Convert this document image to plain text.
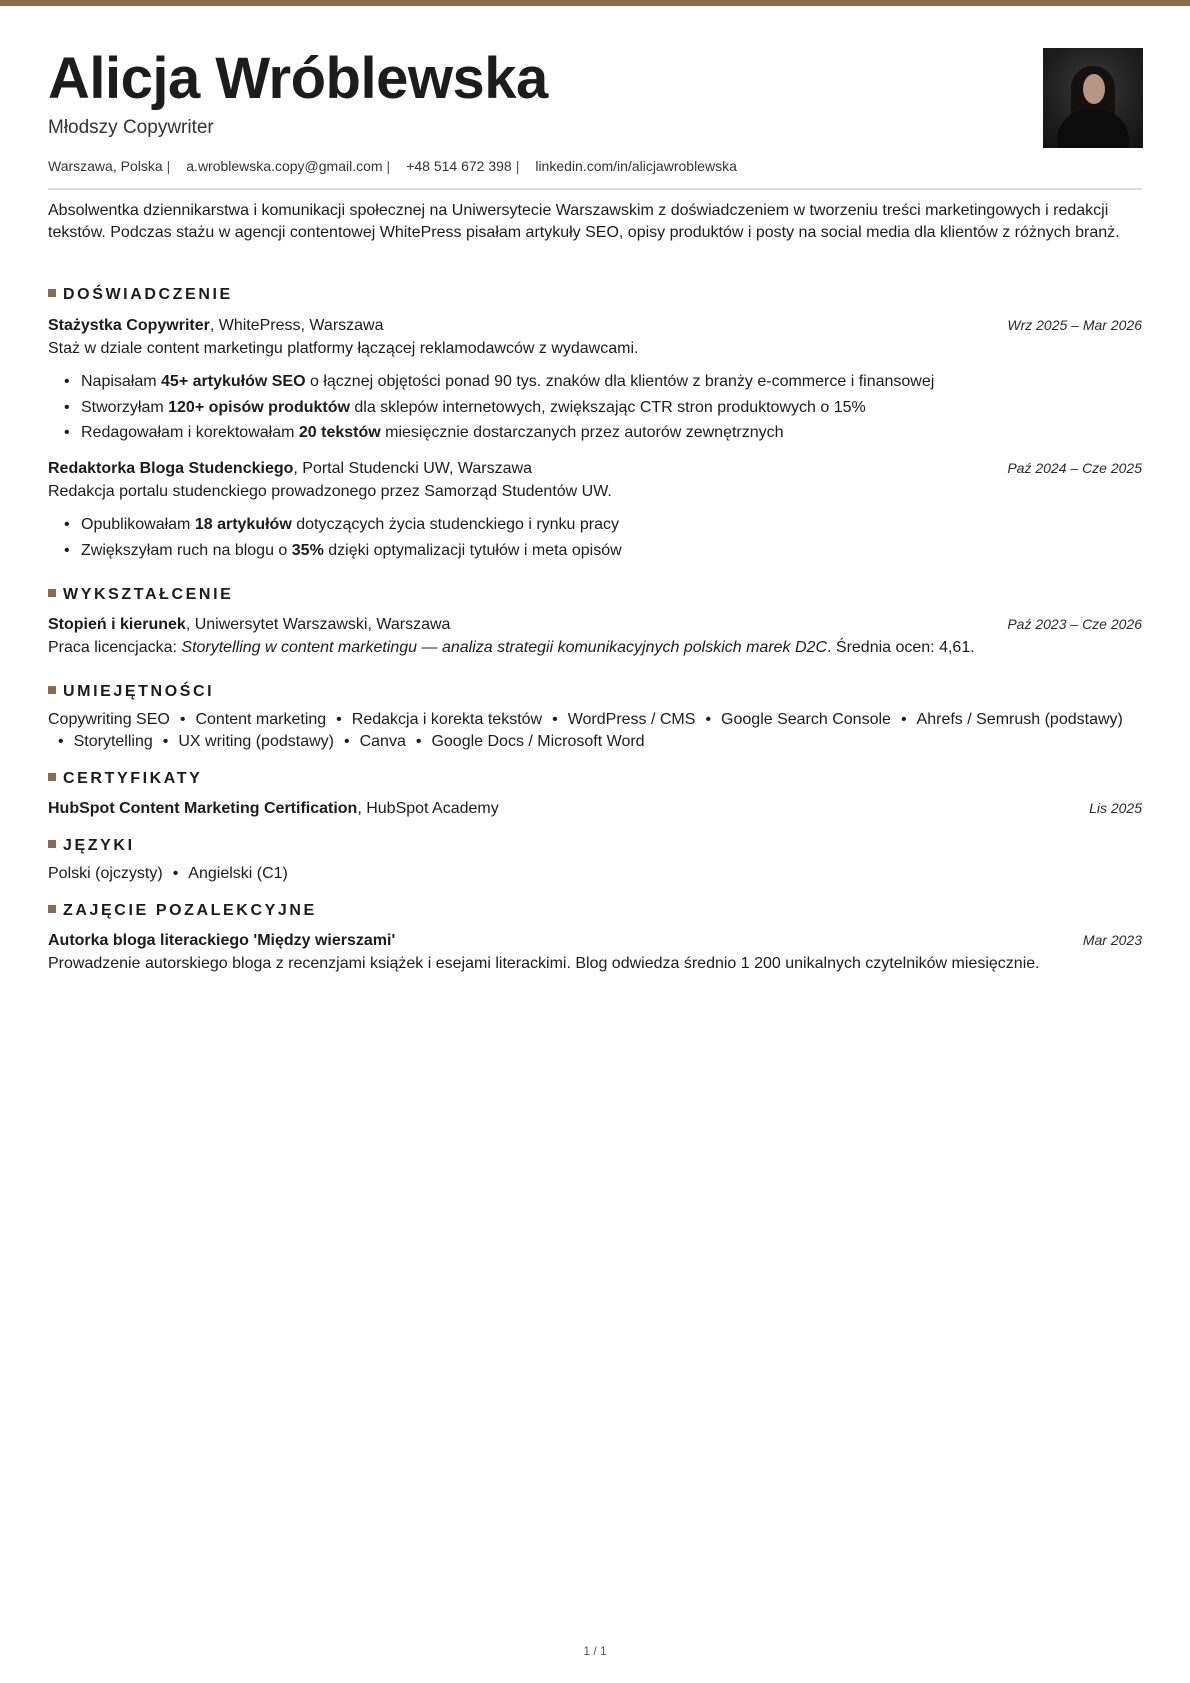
Alicja Wróblewska
Młodszy Copywriter
Warszawa, Polska | a.wroblewska.copy@gmail.com | +48 514 672 398 | linkedin.com/in/alicjawroblewska
Absolwentka dziennikarstwa i komunikacji społecznej na Uniwersytecie Warszawskim z doświadczeniem w tworzeniu treści marketingowych i redakcji tekstów. Podczas stażu w agencji contentowej WhitePress pisałam artykuły SEO, opisy produktów i posty na social media dla klientów z różnych branż.
DOŚWIADCZENIE
Stażystka Copywriter, WhitePress, Warszawa	Wrz 2025 – Mar 2026
Staż w dziale content marketingu platformy łączącej reklamodawców z wydawcami.
• Napisałam 45+ artykułów SEO o łącznej objętości ponad 90 tys. znaków dla klientów z branży e-commerce i finansowej
• Stworzyłam 120+ opisów produktów dla sklepów internetowych, zwiększając CTR stron produktowych o 15%
• Redagowałam i korektowałam 20 tekstów miesięcznie dostarczanych przez autorów zewnętrznych
Redaktorka Bloga Studenckiego, Portal Studencki UW, Warszawa	Paź 2024 – Cze 2025
Redakcja portalu studenckiego prowadzonego przez Samorząd Studentów UW.
• Opublikowałam 18 artykułów dotyczących życia studenckiego i rynku pracy
• Zwiększyłam ruch na blogu o 35% dzięki optymalizacji tytułów i meta opisów
WYKSZTAŁCENIE
Stopień i kierunek, Uniwersytet Warszawski, Warszawa	Paź 2023 – Cze 2026
Praca licencjacka: Storytelling w content marketingu — analiza strategii komunikacyjnych polskich marek D2C. Średnia ocen: 4,61.
UMIEJĘTNOŚCI
Copywriting SEO • Content marketing • Redakcja i korekta tekstów • WordPress / CMS • Google Search Console • Ahrefs / Semrush (podstawy)• Storytelling • UX writing (podstawy) • Canva • Google Docs / Microsoft Word
CERTYFIKATY
HubSpot Content Marketing Certification, HubSpot Academy	Lis 2025
JĘZYKI
Polski (ojczysty) • Angielski (C1)
ZAJĘCIE POZALEKCYJNE
Autorka bloga literackiego 'Między wierszami'	Mar 2023
Prowadzenie autorskiego bloga z recenzjami książek i esejami literackimi. Blog odwiedza średnio 1 200 unikalnych czytelników miesięcznie.
1 / 1
